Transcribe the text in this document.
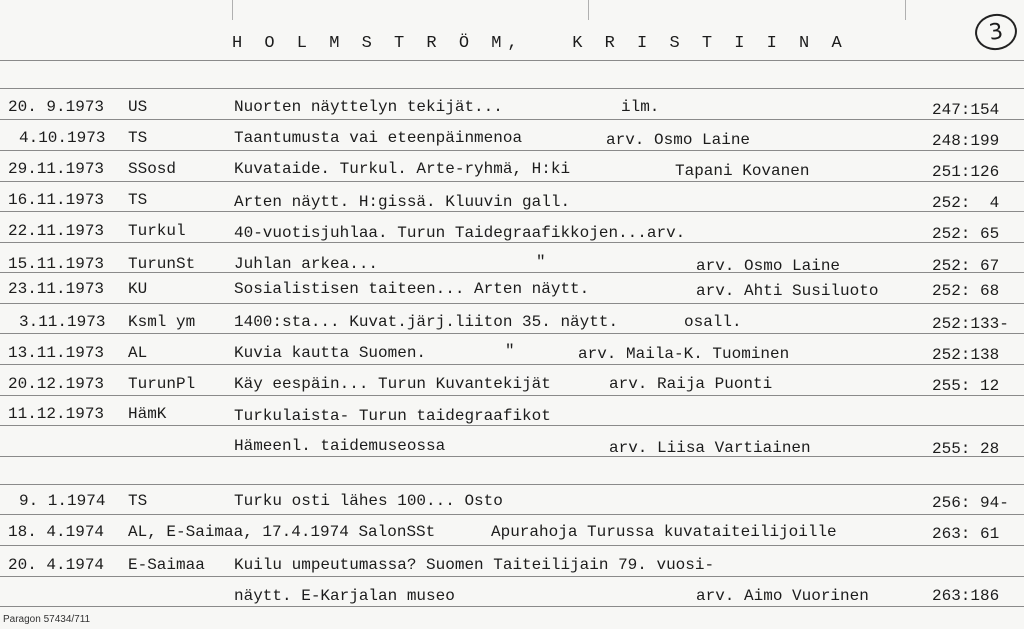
H O L M S T R Ö M,   K R I S T I I N A	3
20. 9.1973 US	Nuorten näyttelyn tekijät...	ilm.	247:154
4.10.1973 TS	Taantumusta vai eteenpäinmenoa	arv. Osmo Laine	248:199
29.11.1973 SSosd	Kuvataide. Turkul. Arte-ryhmä, H:ki	Tapani Kovanen	251:126
16.11.1973 TS	Arten näytt. H:gissä. Kluuvin gall.	252:  4
22.11.1973 Turkul	40-vuotisjuhlaa. Turun Taidegraafikkojen...arv.	252: 65
15.11.1973 TurunSt Juhlan arkea...	"	arv. Osmo Laine	252: 67
23.11.1973 KU	Sosialistisen taiteen... Arten näytt.	arv. Ahti Susiluoto	252: 68
3.11.1973 Ksml ym 1400:sta... Kuvat.järj.liiton 35. näytt.	osall.	252:133-
13.11.1973 AL	Kuvia kautta Suomen.	"	arv. Maila-K. Tuominen	252:138
20.12.1973 TurunPl Käy eespäin... Turun Kuvantekijät	arv. Raija Puonti	255: 12
11.12.1973 HämK	Turkulaista- Turun taidegraafikot
Hämeenl. taidemuseossa	arv. Liisa Vartiainen	255: 28
9. 1.1974 TS	Turku osti lähes 100... Osto	256: 94-
18. 4.1974 AL, E-Saimaa, 17.4.1974 SalonSSt	Apurahoja Turussa kuvataiteilijoille	263: 61
20. 4.1974 E-Saimaa Kuilu umpeutumassa? Suomen Taiteilijain 79. vuosi-
näytt. E-Karjalan museo	arv. Aimo Vuorinen	263:186
Paragon 57434/711
